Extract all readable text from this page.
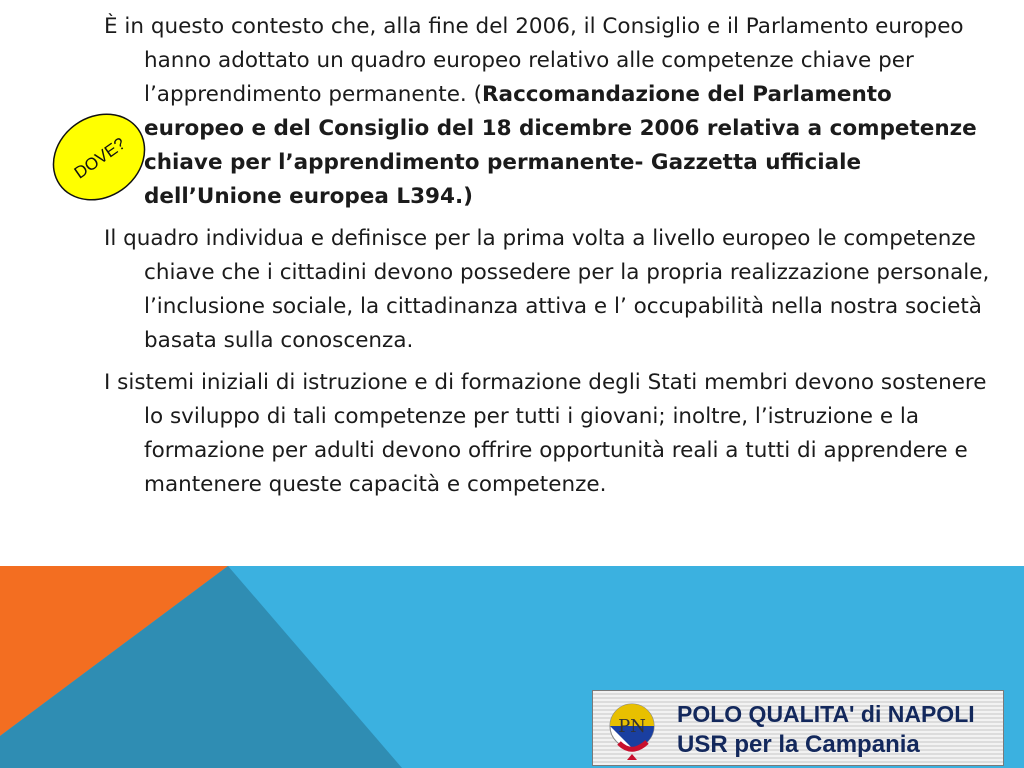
È in questo contesto che, alla fine del 2006, il Consiglio e il Parlamento europeo hanno adottato un quadro europeo relativo alle competenze chiave per l’apprendimento permanente. (Raccomandazione del Parlamento europeo e del Consiglio del 18 dicembre 2006 relativa a competenze chiave per l’apprendimento permanente- Gazzetta ufficiale dell’Unione europea L394.)

Il quadro individua e definisce per la prima volta a livello europeo le competenze chiave che i cittadini devono possedere per la propria realizzazione personale, l’inclusione sociale, la cittadinanza attiva e l’ occupabilità nella nostra società basata sulla conoscenza.

I sistemi iniziali di istruzione e di formazione degli Stati membri devono sostenere lo sviluppo di tali competenze per tutti i giovani; inoltre, l’istruzione e la formazione per adulti devono offrire opportunità reali a tutti di apprendere e mantenere queste capacità e competenze.

DOVE?
PN POLO QUALITA' di NAPOLI
USR per la Campania
